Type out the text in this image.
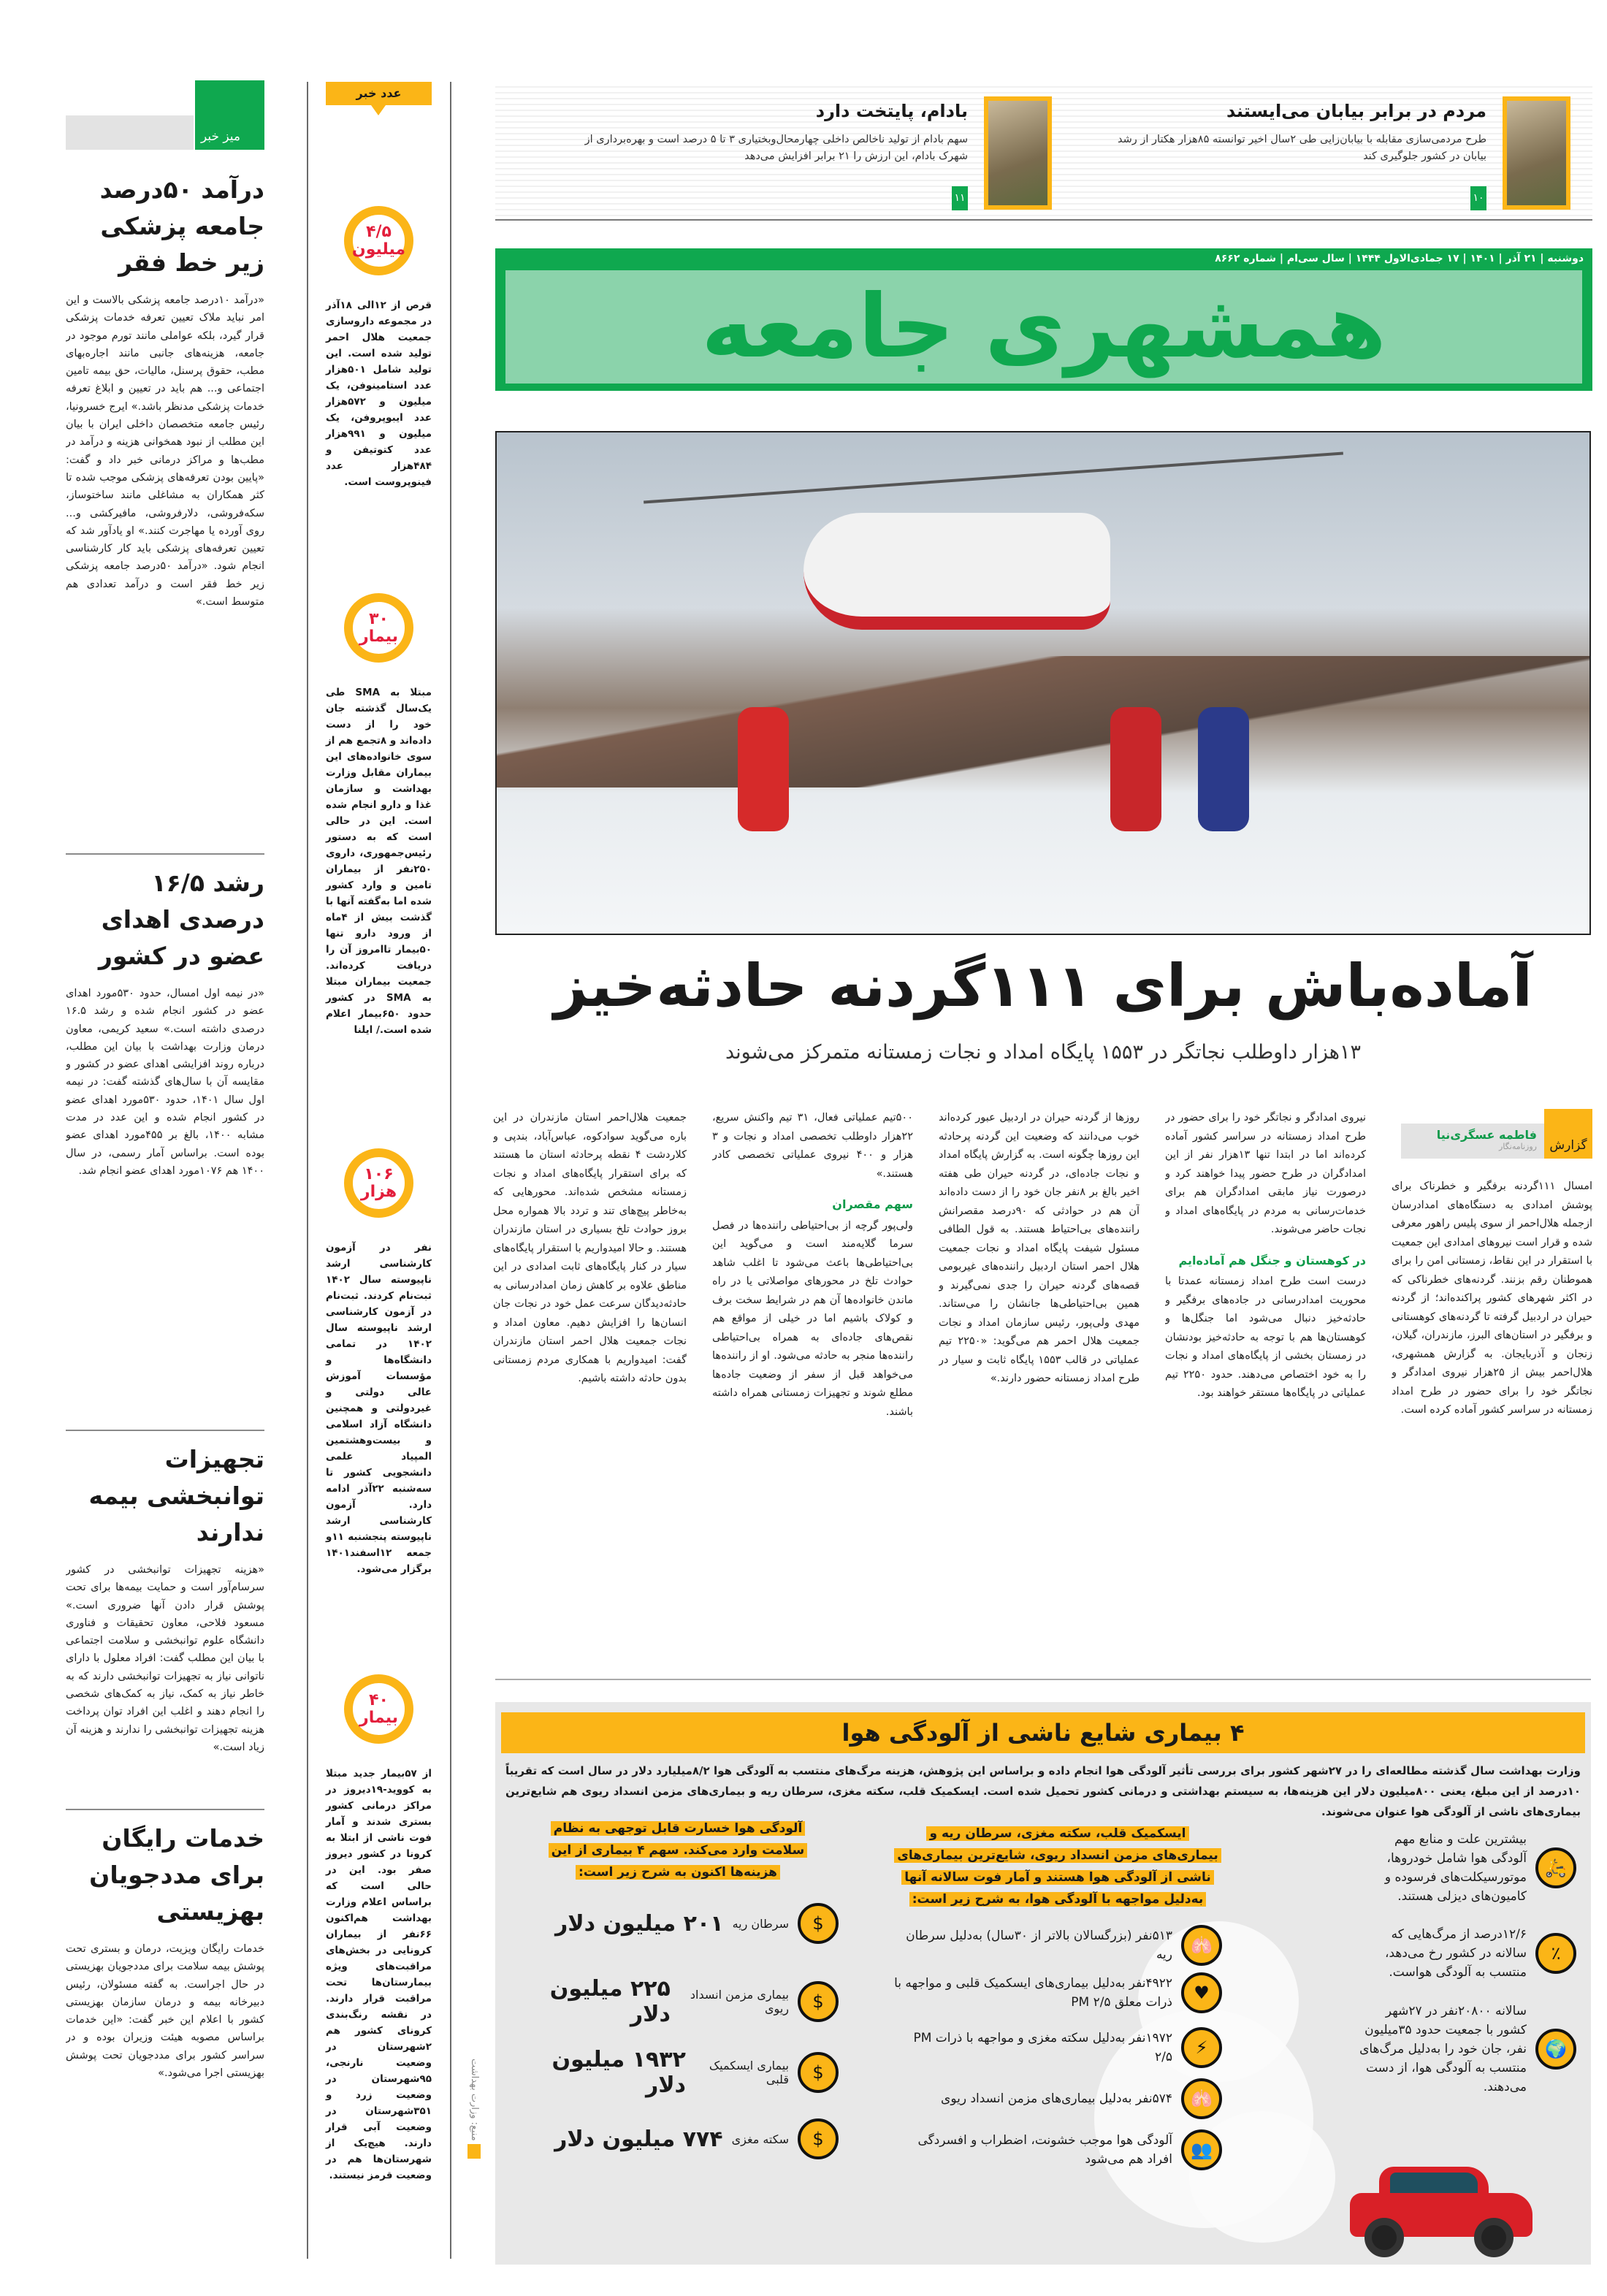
میز خبر
درآمد ۵۰درصد جامعه پزشکی زیر خط فقر

«درآمد ۱۰درصد جامعه پزشکی بالاست و این امر نباید ملاک تعیین تعرفه خدمات پزشکی قرار گیرد، بلکه عواملی مانند تورم موجود در جامعه، هزینه‌های جانبی مانند اجاره‌بهای مطب، حقوق پرسنل، مالیات، حق بیمه تامین اجتماعی و... هم باید در تعیین و ابلاغ تعرفه خدمات پزشکی مدنظر باشد.» ایرج خسرونیا، رئیس جامعه متخصصان داخلی ایران با بیان این مطلب از نبود همخوانی هزینه و درآمد در مطب‌ها و مراکز درمانی خبر داد و گفت: «پایین بودن تعرفه‌های پزشکی موجب شده تا کثر همکاران به مشاغلی مانند ساختوساز، سکه‌فروشی، دلارفروشی، مافیرکشی و... روی آورده یا مهاجرت کنند.» او یادآور شد که تعیین تعرفه‌های پزشکی باید کار کارشناسی انجام شود. «درآمد ۵۰درصد جامعه پزشکی زیر خط فقر است و درآمد تعدادی هم متوسط است.»

رشد ۱۶/۵ درصدی اهدای عضو در کشور

«در نیمه اول امسال، حدود ۵۳۰مورد اهدای عضو در کشور انجام شده و رشد ۱۶.۵ درصدی داشته است.» سعید کریمی، معاون درمان وزارت بهداشت با بیان این مطلب، درباره روند افزایشی اهدای عضو در کشور و مقایسه آن با سال‌های گذشته گفت: در نیمه اول سال ۱۴۰۱، حدود ۵۳۰مورد اهدای عضو در کشور انجام شده و این عدد در مدت مشابه ۱۴۰۰، بالغ بر ۴۵۵مورد اهدای عضو بوده است. براساس آمار رسمی، در سال ۱۴۰۰ هم ۱۰۷۶مورد اهدای عضو انجام شد.

تجهیزات توانبخشی بیمه ندارند

«هزینه تجهیزات توانبخشی در کشور سرسام‌آور است و حمایت بیمه‌ها برای تحت پوشش قرار دادن آنها ضروری است.» مسعود فلاحی، معاون تحقیقات و فناوری دانشگاه علوم توانبخشی و سلامت اجتماعی با بیان این مطلب گفت: افراد معلول با دارای ناتوانی نیاز به تجهیزات توانبخشی دارند که به خاطر نیاز به کمک، نیاز به کمک‌های شخصی را انجام دهند و اغلب این افراد توان پرداخت هزینه تجهیزات توانبخشی را ندارند و هزینه آن زیاد است.»

خدمات رایگان برای مددجویان بهزیستی

خدمات رایگان ویزیت، درمان و بستری تحت پوشش بیمه سلامت برای مددجویان بهزیستی در حال اجراست. به گفته مسئولان، رئیس دبیرخانه بیمه و درمان سازمان بهزیستی کشور با اعلام این خبر گفت: «این خدمات براساس مصوبه هیئت وزیران بوده و در سراسر کشور برای مددجویان تحت پوشش بهزیستی اجرا می‌شود.»

عدد خبر
۴/۵
میلیون
قرص از ۱۲الی ۱۸آذر در مجموعه داروسازی جمعیت هلال احمر تولید شده است. این تولید شامل ۵۰۱هزار عدد استامینوفن، یک میلیون و ۵۷۲هزار عدد ایبوپروفن، یک میلیون و ۹۹۱هزار عدد کتوتیفن و ۴۸۴هزار عدد فینوپروست است.
۳۰
بیمار
مبتلا به SMA طی یک‌سال گذشته جان خود را از دست داده‌اند و ۸تجمع هم از سوی خانواده‌های این بیماران مقابل وزارت بهداشت و سازمان غذا و دارو انجام شده است. این در حالی است که به دستور رئیس‌جمهوری، داروی ۲۵۰نفر از بیماران تامین و وارد کشور شده اما به‌گفته آنها با گذشت بیش از ۴ماه از ورود دارو تنها ۵۰بیمار تاامروز آن را دریافت کرده‌اند. جمعیت بیماران مبتلا به SMA در کشور حدود ۶۵۰بیمار اعلام شده است./ ایلنا
۱۰۶
هزار
نفر در آزمون کارشناسی ارشد ناپیوسته سال ۱۴۰۲ ثبت‌نام کردند. ثبت‌نام در آزمون کارشناسی ارشد ناپیوسته سال ۱۴۰۲ در تمامی دانشگاه‌ها و مؤسسات آموزش عالی دولتی و غیردولتی و همچنین دانشگاه آزاد اسلامی و بیست‌وهشتمین المپیاد علمی دانشجویی کشور تا سه‌شنبه ۲۲آذر ادامه دارد. آزمون کارشناسی ارشد ناپیوسته پنجشنبه ۱۱و جمعه ۱۲اسفند۱۴۰۱ برگزار می‌شود.
۴۰
بیمار
از ۵۷بیمار جدید مبتلا به کووید-۱۹دیروز در مراکز درمانی کشور بستری شدند و آمار فوت ناشی از ابتلا به کرونا در کشور دیروز صفر بود. این در حالی است که براساس اعلام وزارت بهداشت هم‌اکنون ۶۶نفر از بیماران کرونایی در بخش‌های مراقبت‌های ویژه بیمارستان‌ها تحت مراقبت قرار دارند. در نقشه رنگ‌بندی کرونای کشور هم ۲شهرستان در وضعیت نارنجی، ۹۵شهرستان در وضعیت زرد و ۳۵۱شهرستان در وضعیت آبی قرار دارند. هیچ‌یک از شهرستان‌ها هم در وضعیت قرمز نیستند.
منبع: وزارت بهداشت
مردم در برابر بیابان می‌ایستند

طرح مردمی‌سازی مقابله با بیابان‌زایی طی ۲سال اخیر توانسته ۸۵هزار هکتار از رشد بیابان در کشور جلوگیری کند

۱۰
بادام، پایتخت دارد

سهم بادام از تولید ناخالص داخلی چهارمحال‌وبختیاری ۳ تا ۵ درصد است و بهره‌برداری از شهرک بادام، این ارزش را ۲۱ برابر افزایش می‌دهد

۱۱
دوشنبه | ۲۱ آذر | ۱۴۰۱ | ۱۷ جمادی‌الاول ۱۴۴۴ | سال سی‌ام | شماره ۸۶۶۲
همشهری جامعه
آماده‌باش برای ۱۱۱گردنه حادثه‌خیز
۱۳هزار داوطلب نجاتگر در ۱۵۵۳ پایگاه امداد و نجات زمستانه متمرکز می‌شوند
گزارش
فاطمه عسگری‌نیا
روزنامه‌نگار
امسال ۱۱۱گردنه برفگیر و خطرناک برای پوشش امدادی به دستگاه‌های امدادرسان ازجمله هلال‌احمر از سوی پلیس راهور معرفی شده و قرار است نیروهای امدادی این جمعیت با استقرار در این نقاط، زمستانی امن را برای هموطنان رقم بزنند. گردنه‌های خطرناکی که در اکثر شهرهای کشور پراکنده‌اند؛ از گردنه حیران در اردبیل گرفته تا گردنه‌های کوهستانی و برفگیر در استان‌های البرز، مازندران، گیلان، زنجان و آذربایجان. به گزارش همشهری، هلال‌احمر بیش از ۲۵هزار نیروی امدادگر و نجاتگر خود را برای حضور در طرح امداد زمستانه در سراسر کشور آماده کرده است.
نیروی امدادگر و نجاتگر خود را برای حضور در طرح امداد زمستانه در سراسر کشور آماده کرده‌اند اما در ابتدا تنها ۱۳هزار نفر از این امدادگران در طرح حضور پیدا خواهند کرد و درصورت نیاز مابقی امدادگران هم برای خدمات‌رسانی به مردم در پایگاه‌های امداد و نجات حاضر می‌شوند.
در کوهستان و جنگل هم آماده‌ایم
درست است طرح امداد زمستانه عمدتا با محوریت امدادرسانی در جاده‌های برفگیر و حادثه‌خیز دنبال می‌شود اما جنگل‌ها و کوهستان‌ها هم با توجه به حادثه‌خیز بودنشان در زمستان بخشی از پایگاه‌های امداد و نجات را به خود اختصاص می‌دهند. حدود ۲۲۵۰ تیم عملیاتی در پایگاه‌ها مستقر خواهند بود.
روزها از گردنه حیران در اردبیل عبور کرده‌اند خوب می‌دانند که وضعیت این گردنه پرحادثه این روزها چگونه است. به گزارش پایگاه امداد و نجات جاده‌ای، در گردنه حیران طی هفته اخیر بالغ بر ۸نفر جان خود را از دست داده‌اند آن هم در حوادثی که ۹۰درصد مقصرانش راننده‌های بی‌احتیاط هستند. به قول الطافی مسئول شیفت پایگاه امداد و نجات جمعیت هلال احمر استان اردبیل راننده‌های غیربومی قصه‌های گردنه حیران را جدی نمی‌گیرند و همین بی‌احتیاطی‌ها جانشان را می‌ستاند. مهدی ولی‌پور، رئیس سازمان امداد و نجات جمعیت هلال احمر هم می‌گوید: «۲۲۵۰ تیم عملیاتی در قالب ۱۵۵۳ پایگاه ثابت و سیار در طرح امداد زمستانه حضور دارند.»
۵۰۰تیم عملیاتی فعال، ۳۱ تیم واکنش سریع، ۲۲هزار داوطلب تخصصی امداد و نجات و ۳ هزار و ۴۰۰ نیروی عملیاتی تخصصی کادر هستند.»
سهم مقصران
ولی‌پور گرچه از بی‌احتیاطی راننده‌ها در فصل سرما گلایه‌مند است و می‌گوید این بی‌احتیاطی‌ها باعث می‌شود تا اغلب شاهد حوادث تلخ در محورهای مواصلاتی یا در راه ماندن خانواده‌ها آن هم در شرایط سخت برف و کولاک باشیم اما در خیلی از مواقع هم نقص‌های جاده‌ای به همراه بی‌احتیاطی راننده‌ها منجر به حادثه می‌شود. او از راننده‌ها می‌خواهد قبل از سفر از وضعیت جاده‌ها مطلع شوند و تجهیزات زمستانی همراه داشته باشند.
جمعیت هلال‌احمر استان مازندران در این باره می‌گوید سوادکوه، عباس‌آباد، بندپی و کلاردشت ۴ نقطه پرحادثه استان ما هستند که برای استقرار پایگاه‌های امداد و نجات زمستانه مشخص شده‌اند. محورهایی که به‌خاطر پیچ‌های تند و تردد بالا همواره محل بروز حوادث تلخ بسیاری در استان مازندران هستند. و حالا امیدواریم با استقرار پایگاه‌های سیار در کنار پایگاه‌های ثابت امدادی در این مناطق علاوه بر کاهش زمان امدادرسانی به حادثه‌دیدگان سرعت عمل خود در نجات جان انسان‌ها را افزایش دهیم. معاون امداد و نجات جمعیت هلال احمر استان مازندران گفت: امیدواریم با همکاری مردم زمستانی بدون حادثه داشته باشیم.
۴ بیماری شایع ناشی از آلودگی هوا
وزارت بهداشت سال گذشته مطالعه‌ای را در ۲۷شهر کشور برای بررسی تأثیر آلودگی هوا انجام داده و براساس این پژوهش، هزینه مرگ‌های منتسب به آلودگی هوا ۸/۲میلیارد دلار در سال است که تقریباً ۱۰درصد از این مبلغ، یعنی ۸۰۰میلیون دلار این هزینه‌ها، به سیستم بهداشتی و درمانی کشور تحمیل شده است. ایسکمیک قلب، سکته مغزی، سرطان ریه و بیماری‌های مزمن انسداد ریوی هم شایع‌ترین بیماری‌های ناشی از آلودگی هوا عنوان می‌شوند.
🛵
بیشترین علت و منابع مهم آلودگی هوا شامل خودروها، موتورسیکلت‌های فرسوده و کامیون‌های دیزلی هستند.
٪
۱۲/۶درصد از مرگ‌هایی که سالانه در کشور رخ می‌دهد، منتسب به آلودگی هواست.
🌍
سالانه ۲۰۸۰۰نفر در ۲۷شهر کشور با جمعیت حدود ۳۵میلیون نفر، جان خود را به‌دلیل مرگ‌های منتسب به آلودگی هوا، از دست می‌دهند.
ایسکمیک قلب، سکته مغزی، سرطان ریه و بیماری‌های مزمن انسداد ریوی، شایع‌ترین بیماری‌های ناشی از آلودگی هوا هستند و آمار فوت سالانه آنها به‌دلیل مواجهه با آلودگی هوا، به شرح زیر است:
🫁
۵۱۳نفر (بزرگسالان بالاتر از ۳۰سال) به‌دلیل سرطان ریه
♥
۴۹۲۲نفر به‌دلیل بیماری‌های ایسکمیک قلبی و مواجهه با ذرات معلق PM ۲/۵
⚡
۱۹۷۲نفر به‌دلیل سکته مغزی و مواجهه با ذرات PM ۲/۵
🫁
۵۷۴نفر به‌دلیل بیماری‌های مزمن انسداد ریوی
👥
آلودگی هوا موجب خشونت، اضطراب و افسردگی افراد هم می‌شود
آلودگی هوا خسارت قابل توجهی به نظام سلامت وارد می‌کند. سهم ۴ بیماری از این هزینه‌ها اکنون به شرح زیر است:
$
سرطان ریه
۲۰۱ میلیون دلار
$
بیماری مزمن انسداد ریوی
۲۲۵ میلیون دلار
$
بیماری ایسکمیک قلبی
۱۹۳۲ میلیون دلار
$
سکته مغزی
۷۷۴ میلیون دلار
